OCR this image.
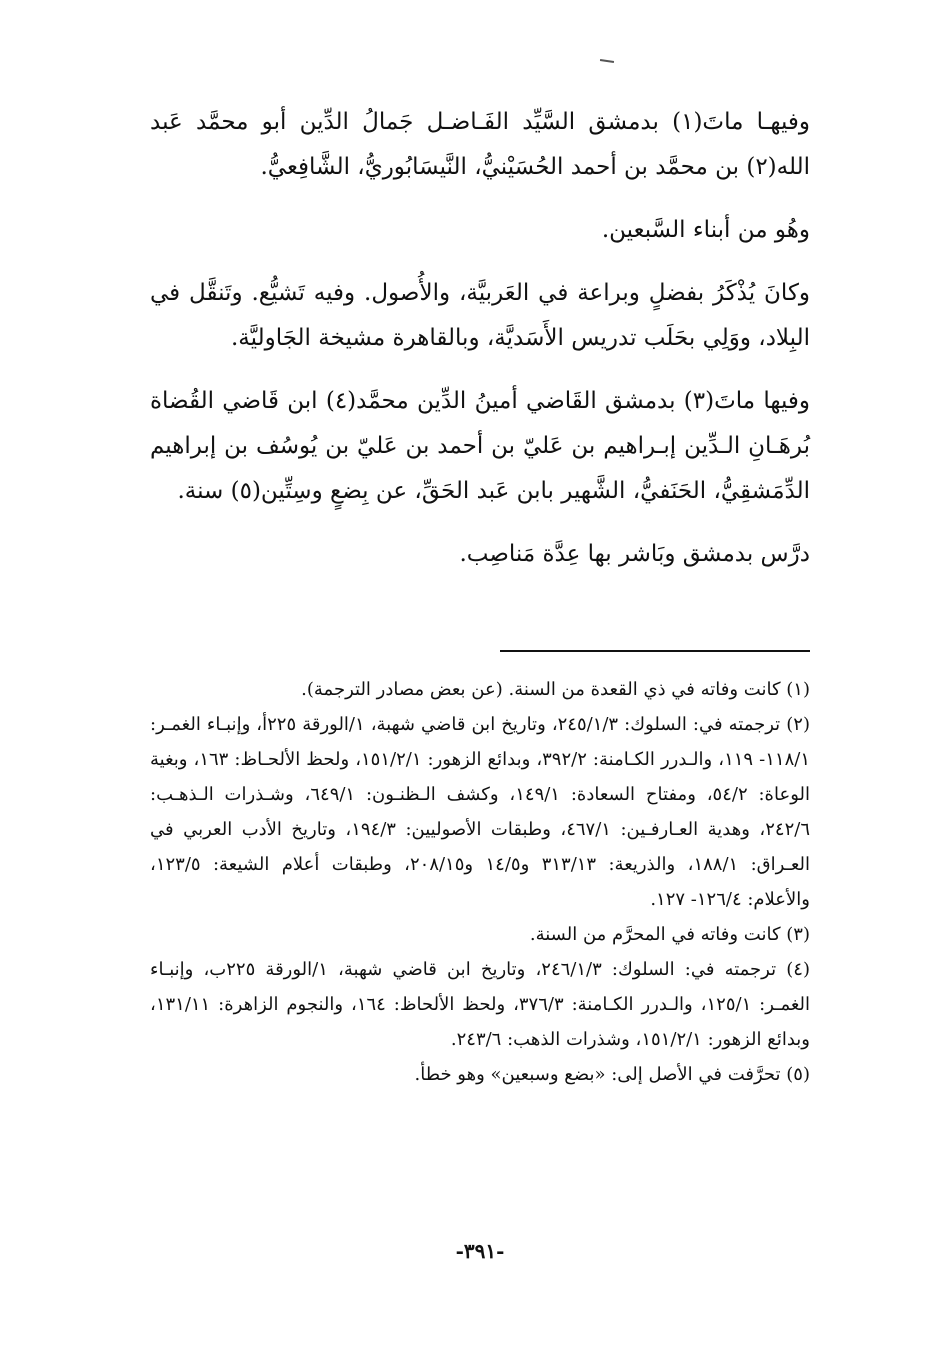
وفيهـا ماتَ(١) بدمشق السَّيِّد الفَـاضـل جَمالُ الدِّين أبو محمَّد عَبد الله(٢) بن محمَّد بن أحمد الحُسَيْنيُّ، النَّيسَابُوريُّ، الشَّافِعيُّ.

وهُو من أبناء السَّبعين.

وكانَ يُذْكَرُ بفضلٍ وبراعة في العَربيَّة، والأُصول. وفيه تَشيُّع. وتَنقَّل في البِلاد، ووَلِي بحَلَب تدريس الأَسَديَّة، وبالقاهرة مشيخة الجَاوليَّة.

وفيها ماتَ(٣) بدمشق القَاضي أمينُ الدِّين محمَّد(٤) ابن قَاضي القُضاة بُرهَـانِ الـدِّين إبـراهيم بن عَليّ بن أحمد بن عَليّ بن يُوسُف بن إبراهيم الدِّمَشقِيُّ، الحَنَفيُّ، الشَّهير بابن عَبد الحَقِّ، عن بِضعٍ وسِتِّين(٥) سنة.

درَّس بدمشق وبَاشر بها عِدَّة مَناصِب.

(١) كانت وفاته في ذي القعدة من السنة. (عن بعض مصادر الترجمة).

(٢) ترجمته في: السلوك: ٢٤٥/١/٣، وتاريخ ابن قاضي شهبة، ١/الورقة ٢٢٥أ، وإنبـاء الغمـر: ١١٨/١- ١١٩، والـدرر الكـامنة: ٣٩٢/٢، وبدائع الزهور: ١٥١/٢/١، ولحظ الألحـاظ: ١٦٣، وبغية الوعاة: ٥٤/٢، ومفتاح السعادة: ١٤٩/١، وكشف الـظنـون: ٦٤٩/١، وشـذرات الـذهـب: ٢٤٢/٦، وهدية العـارفـين: ٤٦٧/١، وطبقات الأصوليين: ١٩٤/٣، وتاريخ الأدب العربي في العـراق: ١٨٨/١، والذريعة: ٣١٣/١٣ و١٤/٥ و٢٠٨/١٥، وطبقات أعلام الشيعة: ١٢٣/٥، والأعلام: ١٢٦/٤- ١٢٧.

(٣) كانت وفاته في المحرَّم من السنة.

(٤) ترجمته في: السلوك: ٢٤٦/١/٣، وتاريخ ابن قاضي شهبة، ١/الورقة ٢٢٥ب، وإنبـاء الغمـر: ١٢٥/١، والـدرر الكـامنة: ٣٧٦/٣، ولحظ الألحاظ: ١٦٤، والنجوم الزاهرة: ١٣١/١١، وبدائع الزهور: ١٥١/٢/١، وشذرات الذهب: ٢٤٣/٦.

(٥) تحرَّفت في الأصل إلى: «بضع وسبعين» وهو خطأ.

-٣٩١-
